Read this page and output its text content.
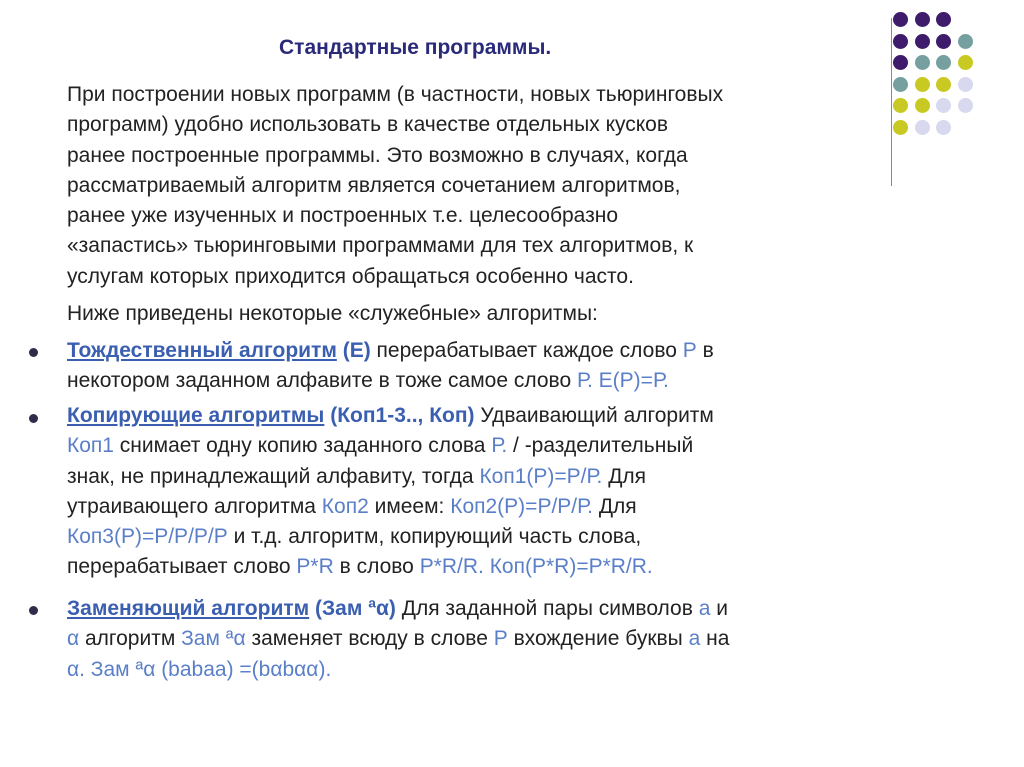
Стандартные программы.
При построении новых программ (в частности, новых тьюринговых
программ) удобно использовать в качестве отдельных кусков
ранее построенные программы. Это возможно в случаях, когда
рассматриваемый алгоритм является сочетанием алгоритмов,
ранее уже изученных и построенных т.е. целесообразно
«запастись» тьюринговыми программами для тех алгоритмов, к
услугам которых приходится обращаться особенно часто.
Ниже приведены некоторые «служебные» алгоритмы:
Тождественный алгоритм (Е) перерабатывает каждое слово Р в
некотором заданном алфавите в тоже самое слово Р. Е(Р)=Р.
Копирующие алгоритмы (Коп1-3.., Коп) Удваивающий алгоритм
Коп1 снимает одну копию заданного слова Р. / -разделительный
знак, не принадлежащий алфавиту, тогда Коп1(Р)=Р/Р. Для
утраивающего алгоритма Коп2 имеем: Коп2(Р)=Р/Р/Р. Для
Коп3(Р)=Р/Р/Р/Р и т.д. алгоритм, копирующий часть слова,
перерабатывает слово Р*R в слово Р*R/R. Коп(Р*R)=Р*R/R.
Заменяющий алгоритм (Зам ªα) Для заданной пары символов а и
α алгоритм Зам ªα заменяет всюду в слове Р вхождение буквы а на
α. Зам ªα (babaa) =(bαbαα).
